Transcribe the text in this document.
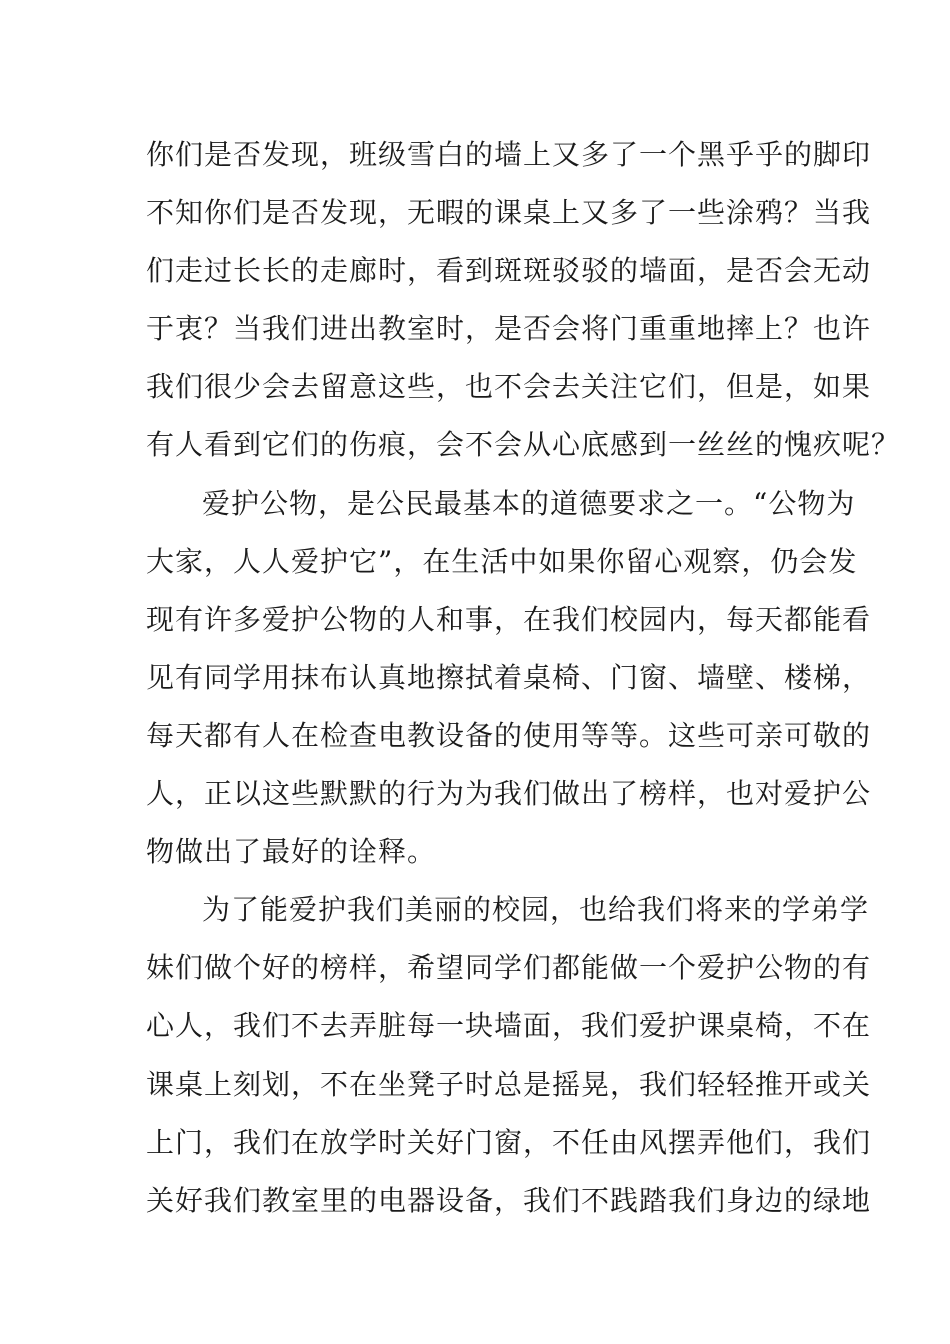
你们是否发现，班级雪白的墙上又多了一个黑乎乎的脚印
不知你们是否发现，无暇的课桌上又多了一些涂鸦？当我
们走过长长的走廊时，看到斑斑驳驳的墙面，是否会无动
于衷？当我们进出教室时，是否会将门重重地摔上？也许
我们很少会去留意这些，也不会去关注它们，但是，如果
有人看到它们的伤痕，会不会从心底感到一丝丝的愧疚呢？
爱护公物，是公民最基本的道德要求之一。“公物为
大家，人人爱护它”，在生活中如果你留心观察，仍会发
现有许多爱护公物的人和事，在我们校园内，每天都能看
见有同学用抹布认真地擦拭着桌椅、门窗、墙壁、楼梯，
每天都有人在检查电教设备的使用等等。这些可亲可敬的
人，正以这些默默的行为为我们做出了榜样，也对爱护公
物做出了最好的诠释。
为了能爱护我们美丽的校园，也给我们将来的学弟学
妹们做个好的榜样，希望同学们都能做一个爱护公物的有
心人，我们不去弄脏每一块墙面，我们爱护课桌椅，不在
课桌上刻划，不在坐凳子时总是摇晃，我们轻轻推开或关
上门，我们在放学时关好门窗，不任由风摆弄他们，我们
关好我们教室里的电器设备，我们不践踏我们身边的绿地
